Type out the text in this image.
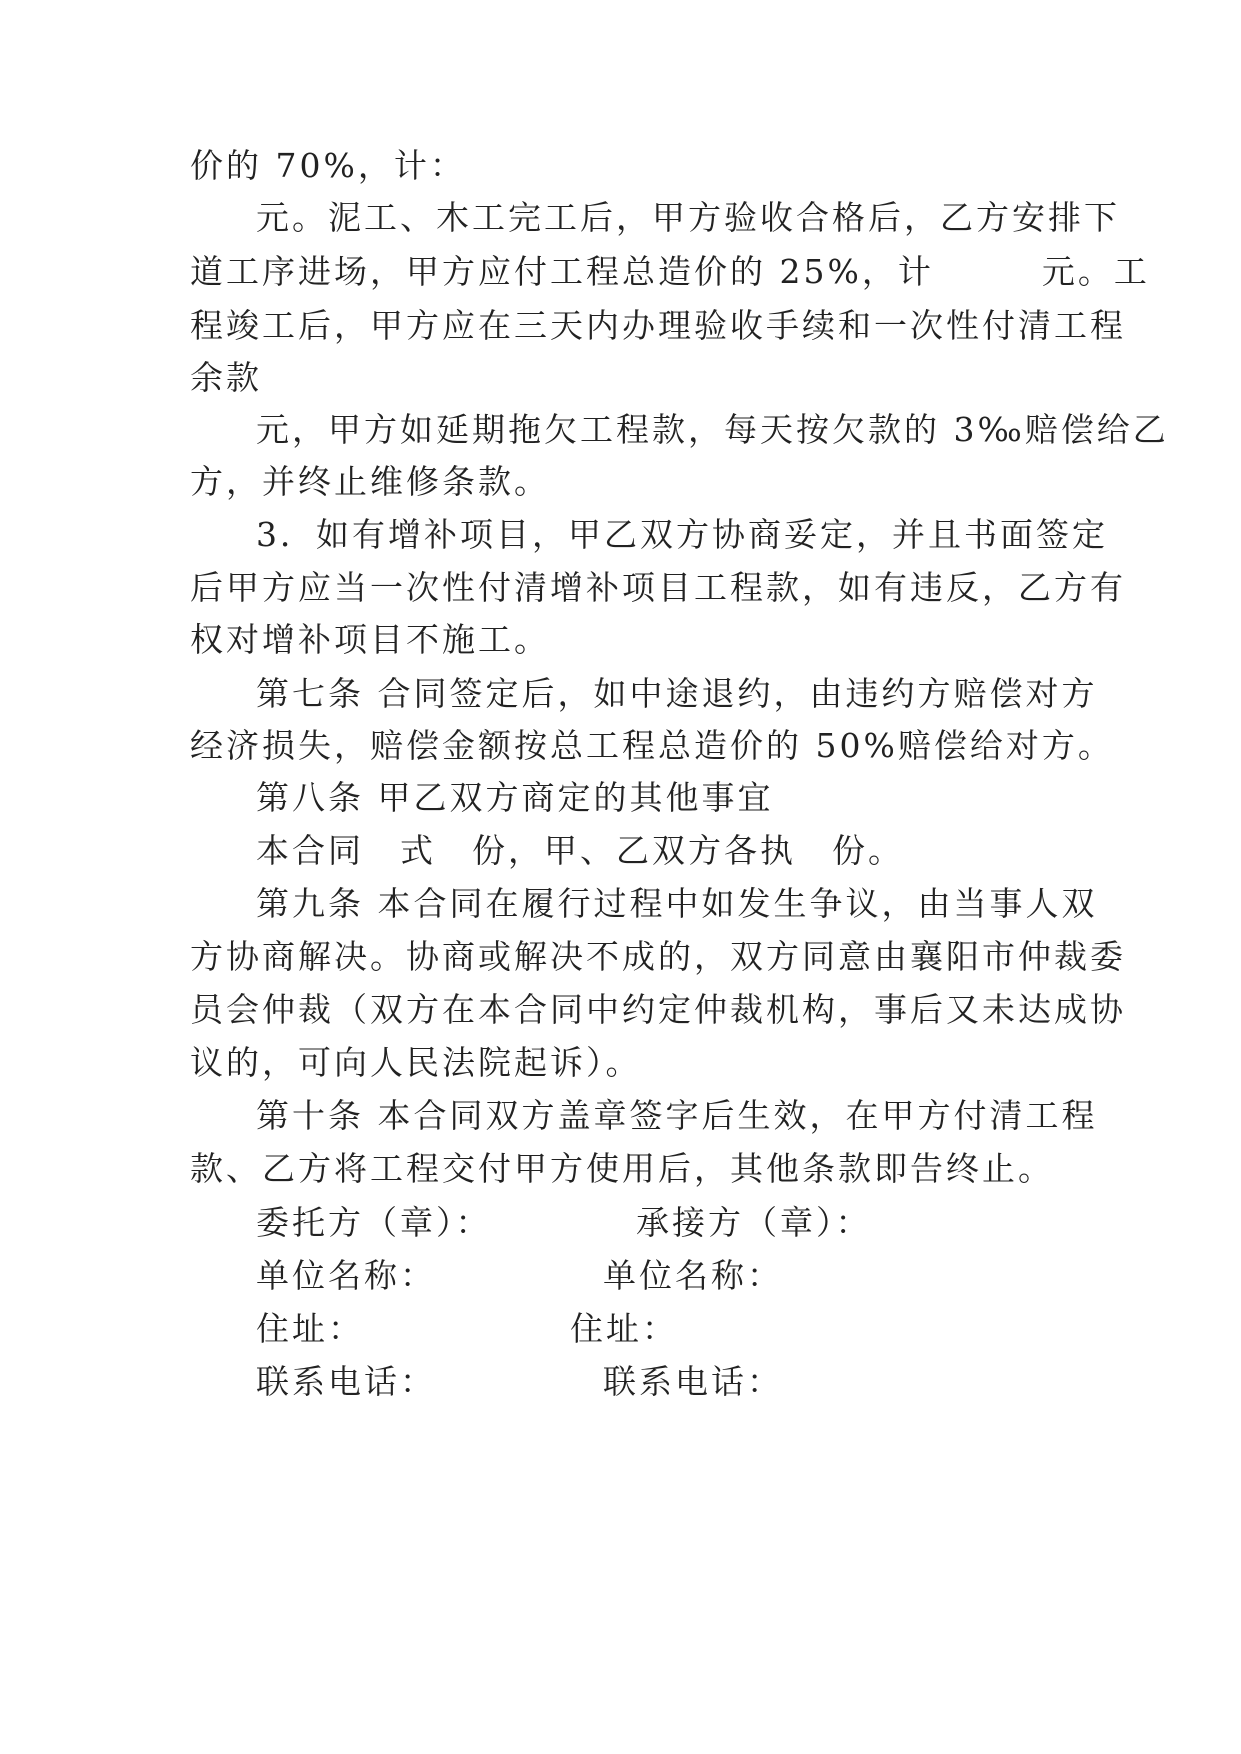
价的 70%，计：
元。泥工、木工完工后，甲方验收合格后，乙方安排下
道工序进场，甲方应付工程总造价的 25%，计　　　元。工
程竣工后，甲方应在三天内办理验收手续和一次性付清工程
余款
元，甲方如延期拖欠工程款，每天按欠款的 3‰赔偿给乙
方，并终止维修条款。
3．如有增补项目，甲乙双方协商妥定，并且书面签定
后甲方应当一次性付清增补项目工程款，如有违反，乙方有
权对增补项目不施工。
第七条 合同签定后，如中途退约，由违约方赔偿对方
经济损失，赔偿金额按总工程总造价的 50%赔偿给对方。
第八条 甲乙双方商定的其他事宜
本合同　式　份，甲、乙双方各执　份。
第九条 本合同在履行过程中如发生争议，由当事人双
方协商解决。协商或解决不成的，双方同意由襄阳市仲裁委
员会仲裁（双方在本合同中约定仲裁机构，事后又未达成协
议的，可向人民法院起诉）。
第十条 本合同双方盖章签字后生效，在甲方付清工程
款、乙方将工程交付甲方使用后，其他条款即告终止。
委托方（章）：	承接方（章）：
单位名称：	单位名称：
住址：	住址：
联系电话：	联系电话：
